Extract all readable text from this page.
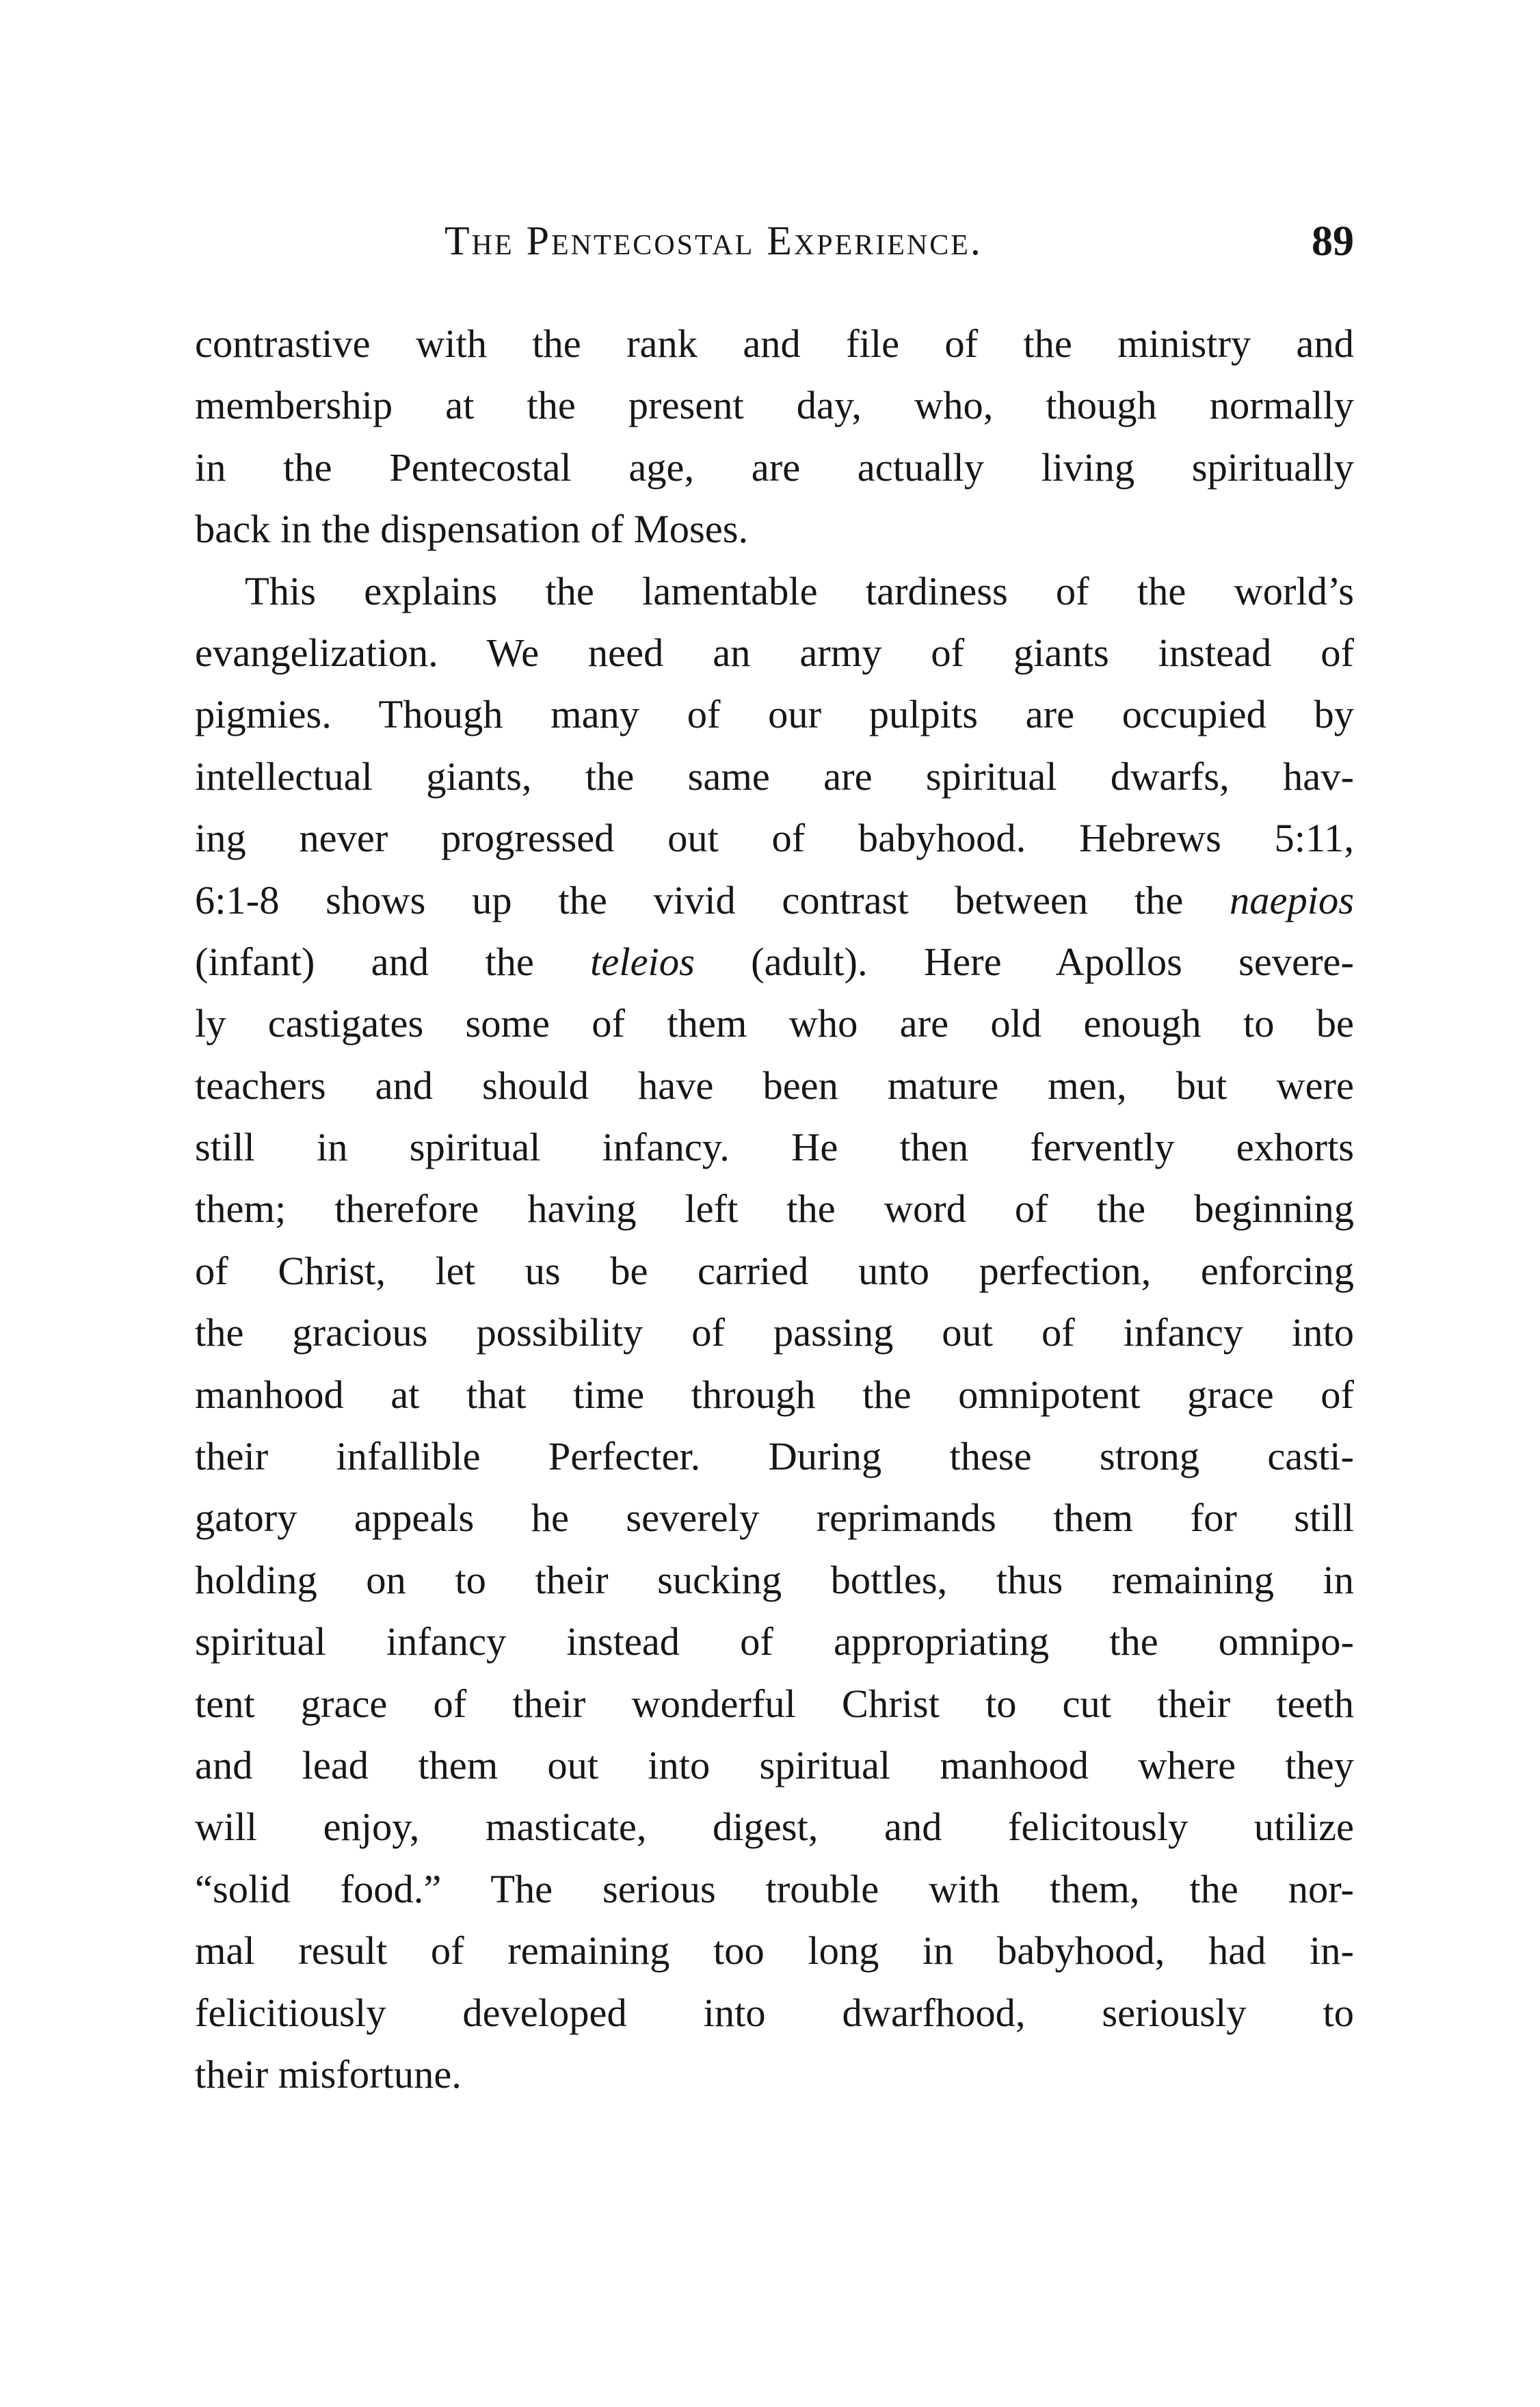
The Pentecostal Experience.	89
contrastive with the rank and file of the ministry and
membership at the present day, who, though normally
in the Pentecostal age, are actually living spiritually
back in the dispensation of Moses.
This explains the lamentable tardiness of the world’s
evangelization. We need an army of giants instead of
pigmies. Though many of our pulpits are occupied by
intellectual giants, the same are spiritual dwarfs, hav-
ing never progressed out of babyhood. Hebrews 5:11,
6:1-8 shows up the vivid contrast between the naepios
(infant) and the teleios (adult). Here Apollos severe-
ly castigates some of them who are old enough to be
teachers and should have been mature men, but were
still in spiritual infancy. He then fervently exhorts
them; therefore having left the word of the beginning
of Christ, let us be carried unto perfection, enforcing
the gracious possibility of passing out of infancy into
manhood at that time through the omnipotent grace of
their infallible Perfecter. During these strong casti-
gatory appeals he severely reprimands them for still
holding on to their sucking bottles, thus remaining in
spiritual infancy instead of appropriating the omnipo-
tent grace of their wonderful Christ to cut their teeth
and lead them out into spiritual manhood where they
will enjoy, masticate, digest, and felicitously utilize
“solid food.” The serious trouble with them, the nor-
mal result of remaining too long in babyhood, had in-
felicitiously developed into dwarfhood, seriously to
their misfortune.
